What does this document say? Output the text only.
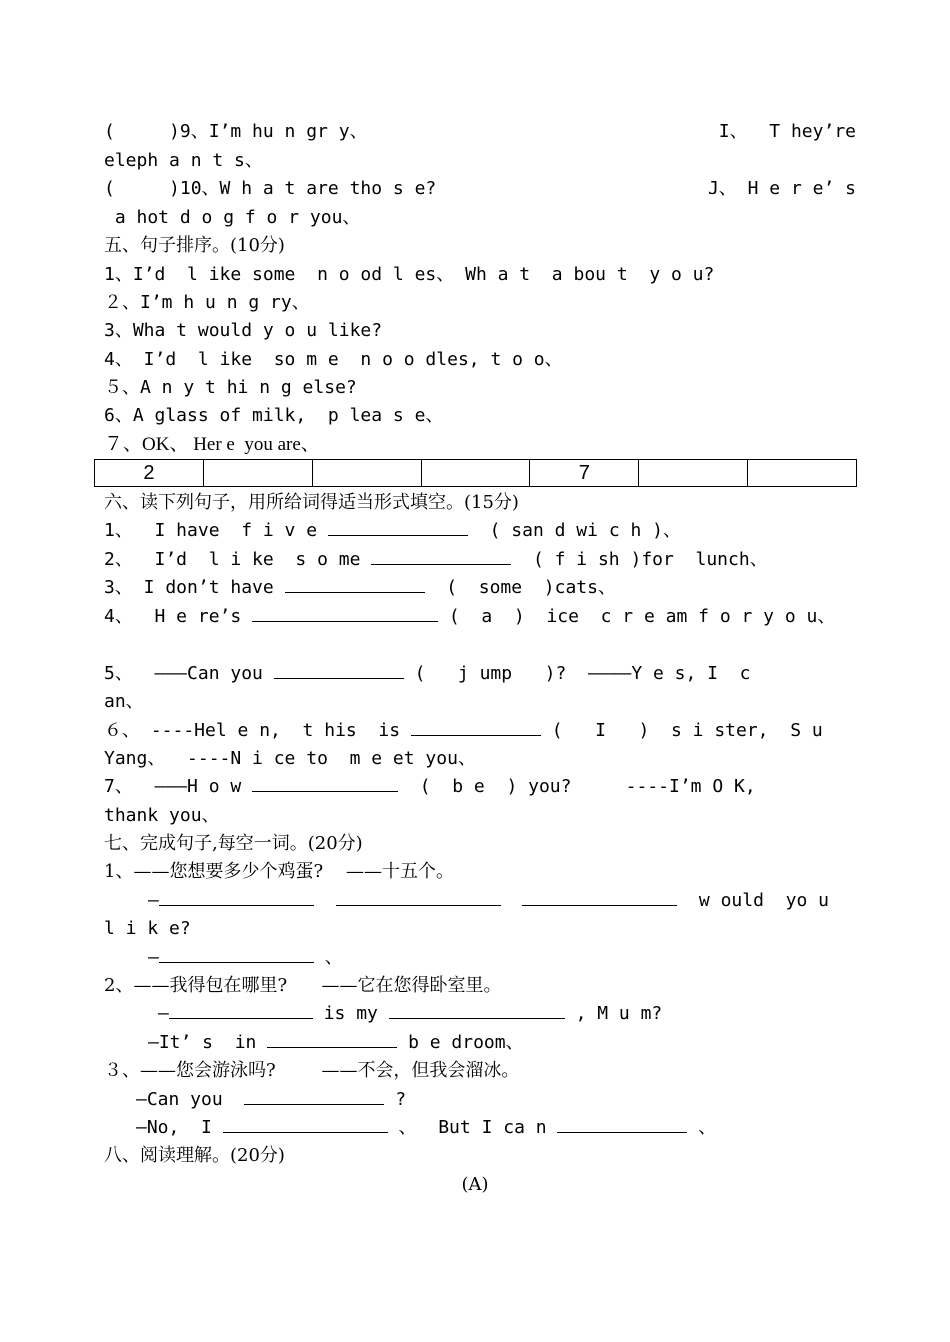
(     )9、I’m hu n gr y、	I、  T hey’re
eleph a n t s、
(     )10、W h a t are tho s e?	J、 H e r e’ s
a hot d o g f o r you、
五、句子排序。(10分)
1、I’d  l ike some  n o od l es、 Wh a t  a bou t  y o u?
２、I’m h u n g ry、
3、Wha t would y o u like?
4、 I’d  l ike  so m e  n o o dles, t o o、
５、A n y t hi n g else?
6、A glass of milk,  p lea s e、
７、OK、 Her e  you are、
2				7		
六、读下列句子，用所给词得适当形式填空。(15分)
1、  I have  f i v e	( san d wi c h )、
2、  I’d  l i ke  s o me	( f i sh )for  lunch、
3、 I don’t have	(  some  )cats、
4、  H e re’s	(  a  )  ice  c r e am f o r y o u、
5、  ———Can you	(   j ump   )?  ————Y e s, I  c
an、
６、 ----Hel e n,  t his  is	(   I   )  s i ster,  S u
Yang、  ----N i ce to  m e et you、
7、  ———H o w	(  b e  ) you?     ----I’m O K,
thank you、
七、完成句子,每空一词。(20分)
1、——您想要多少个鸡蛋? ——十五个。
—	w ould  yo u
l i k e?
—	、
2、——我得包在哪里? ——它在您得卧室里。
—	is my	, M u m?
—It’ s  in	b e droom、
３、——您会游泳吗?	——不会，但我会溜冰。
—Can you	?
—No,  I	、  But I ca n	、
八、阅读理解。(20分)
(A)
